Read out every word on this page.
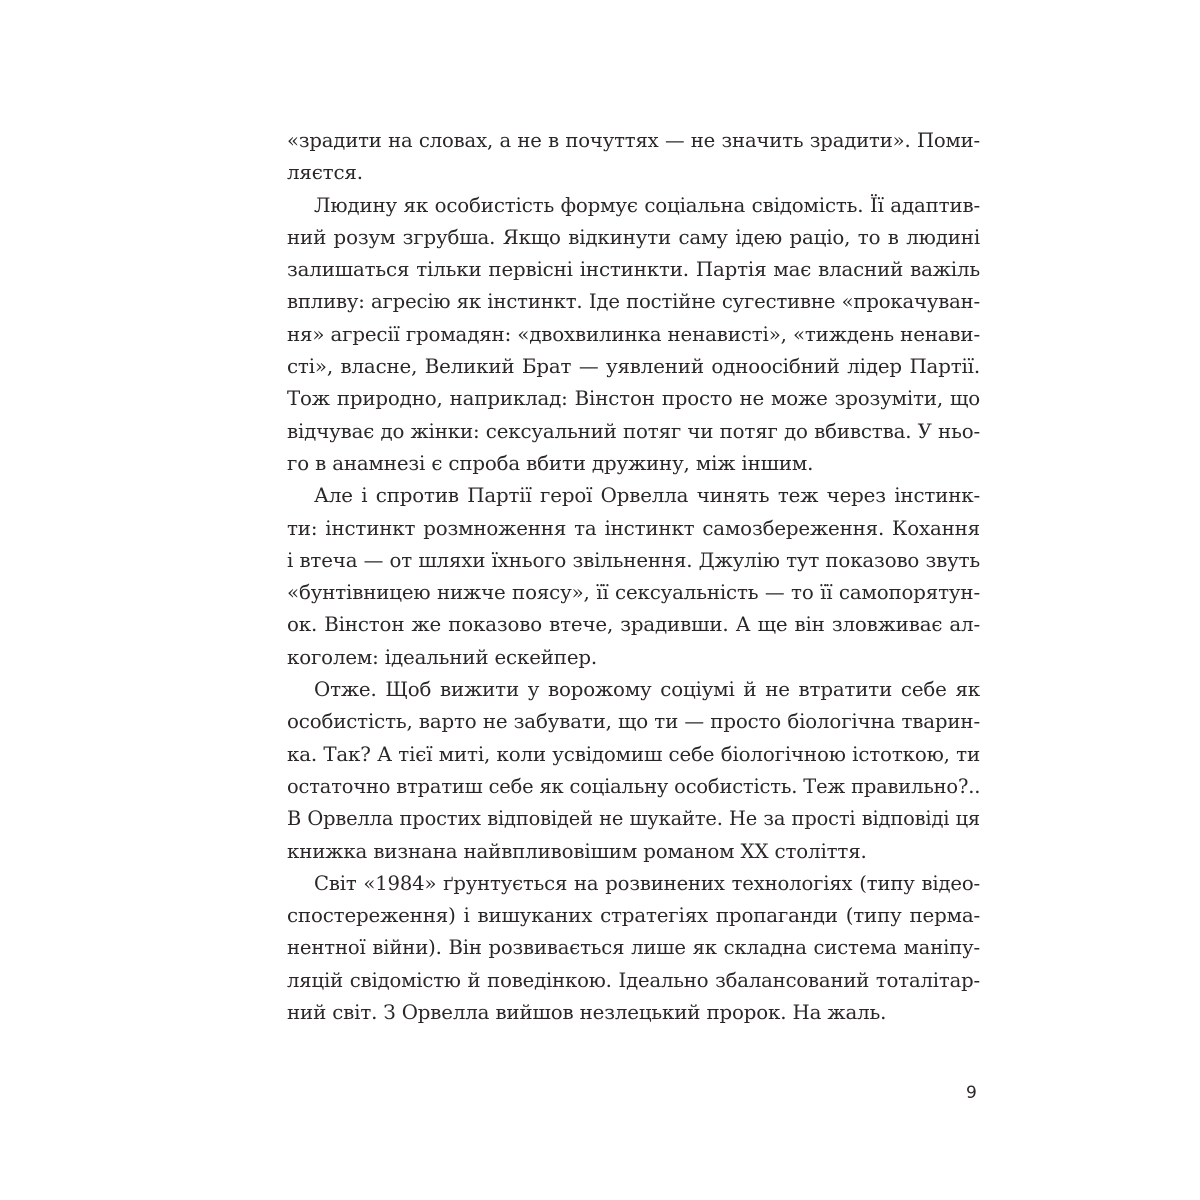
«зрадити на словах, а не в почуттях — не значить зрадити». Поми-
ляєтся.
Людину як особистість формує соціальна свідомість. Її адаптив-
ний розум згрубша. Якщо відкинути саму ідею раціо, то в людині
залишаться тільки первісні інстинкти. Партія має власний важіль
впливу: агресію як інстинкт. Іде постійне сугестивне «прокачуван-
ня» агресії громадян: «двохвилинка ненависті», «тиждень ненави-
сті», власне, Великий Брат — уявлений одноосібний лідер Партії.
Тож природно, наприклад: Вінстон просто не може зрозуміти, що
відчуває до жінки: сексуальний потяг чи потяг до вбивства. У ньо-
го в анамнезі є спроба вбити дружину, між іншим.
Але і спротив Партії герої Орвелла чинять теж через інстинк-
ти: інстинкт розмноження та інстинкт самозбереження. Кохання
і втеча — от шляхи їхнього звільнення. Джулію тут показово звуть
«бунтівницею нижче поясу», її сексуальність — то її самопорятун-
ок. Вінстон же показово втече, зрадивши. А ще він зловживає ал-
коголем: ідеальний ескейпер.
Отже. Щоб вижити у ворожому соціумі й не втратити себе як
особистість, варто не забувати, що ти — просто біологічна тварин-
ка. Так? А тієї миті, коли усвідомиш себе біологічною істоткою, ти
остаточно втратиш себе як соціальну особистість. Теж правильно?..
В Орвелла простих відповідей не шукайте. Не за прості відповіді ця
книжка визнана найвпливовішим романом ХХ століття.
Світ «1984» ґрунтується на розвинених технологіях (типу відео-
спостереження) і вишуканих стратегіях пропаганди (типу перма-
нентної війни). Він розвивається лише як складна система маніпу-
ляцій свідомістю й поведінкою. Ідеально збалансований тоталітар-
ний світ. З Орвелла вийшов незлецький пророк. На жаль.
9
